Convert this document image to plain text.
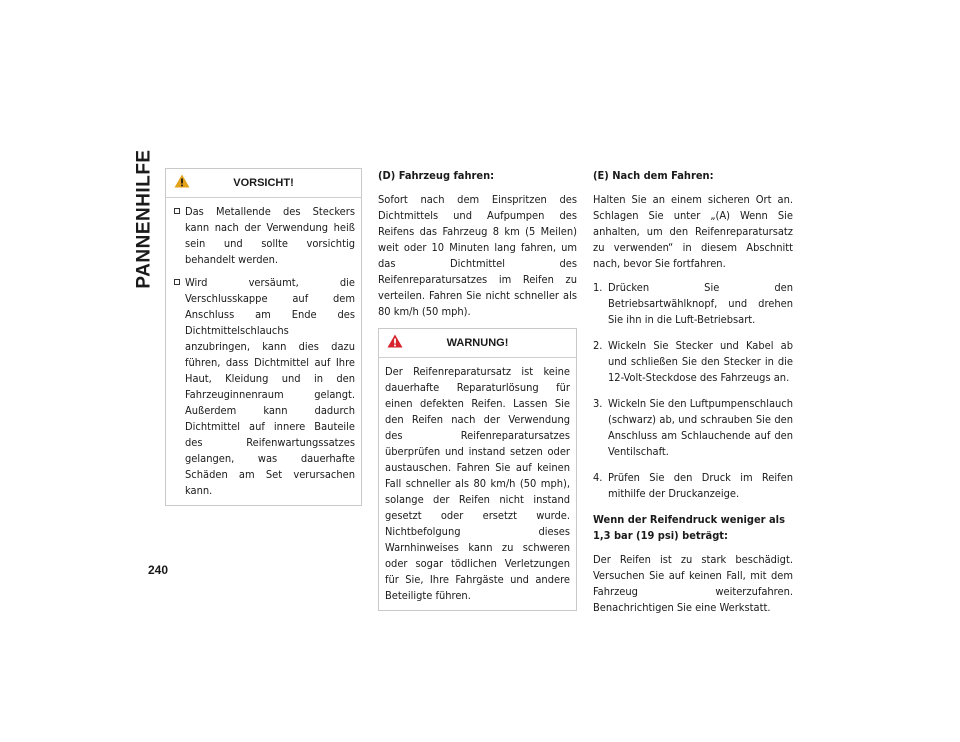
PANNENHILFE
240
VORSICHT!
Das Metallende des Steckers kann nach der Verwendung heiß sein und sollte vorsichtig behandelt werden.
Wird versäumt, die Verschlusskappe auf dem Anschluss am Ende des Dichtmittelschlauchs anzubringen, kann dies dazu führen, dass Dichtmittel auf Ihre Haut, Kleidung und in den Fahrzeuginnenraum gelangt. Außerdem kann dadurch Dichtmittel auf innere Bauteile des Reifenwartungssatzes gelangen, was dauerhafte Schäden am Set verursachen kann.

(D) Fahrzeug fahren:

Sofort nach dem Einspritzen des Dichtmittels und Aufpumpen des Reifens das Fahrzeug 8 km (5 Meilen) weit oder 10 Minuten lang fahren, um das Dichtmittel des Reifenreparatursatzes im Reifen zu verteilen. Fahren Sie nicht schneller als 80 km/h (50 mph).

WARNUNG!

Der Reifenreparatursatz ist keine dauerhafte Reparaturlösung für einen defekten Reifen. Lassen Sie den Reifen nach der Verwendung des Reifenreparatursatzes überprüfen und instand setzen oder austauschen. Fahren Sie auf keinen Fall schneller als 80 km/h (50 mph), solange der Reifen nicht instand gesetzt oder ersetzt wurde. Nichtbefolgung dieses Warnhinweises kann zu schweren oder sogar tödlichen Verletzungen für Sie, Ihre Fahrgäste und andere Beteiligte führen.

(E) Nach dem Fahren:

Halten Sie an einem sicheren Ort an. Schlagen Sie unter „(A) Wenn Sie anhalten, um den Reifenreparatursatz zu verwenden“ in diesem Abschnitt nach, bevor Sie fortfahren.

1. Drücken Sie den Betriebsartwählknopf, und drehen Sie ihn in die Luft-Betriebsart.
2. Wickeln Sie Stecker und Kabel ab und schließen Sie den Stecker in die 12-Volt-Steckdose des Fahrzeugs an.
3. Wickeln Sie den Luftpumpenschlauch (schwarz) ab, und schrauben Sie den Anschluss am Schlauchende auf den Ventilschaft.
4. Prüfen Sie den Druck im Reifen mithilfe der Druckanzeige.

Wenn der Reifendruck weniger als 1,3 bar (19 psi) beträgt:

Der Reifen ist zu stark beschädigt. Versuchen Sie auf keinen Fall, mit dem Fahrzeug weiterzufahren. Benachrichtigen Sie eine Werkstatt.
